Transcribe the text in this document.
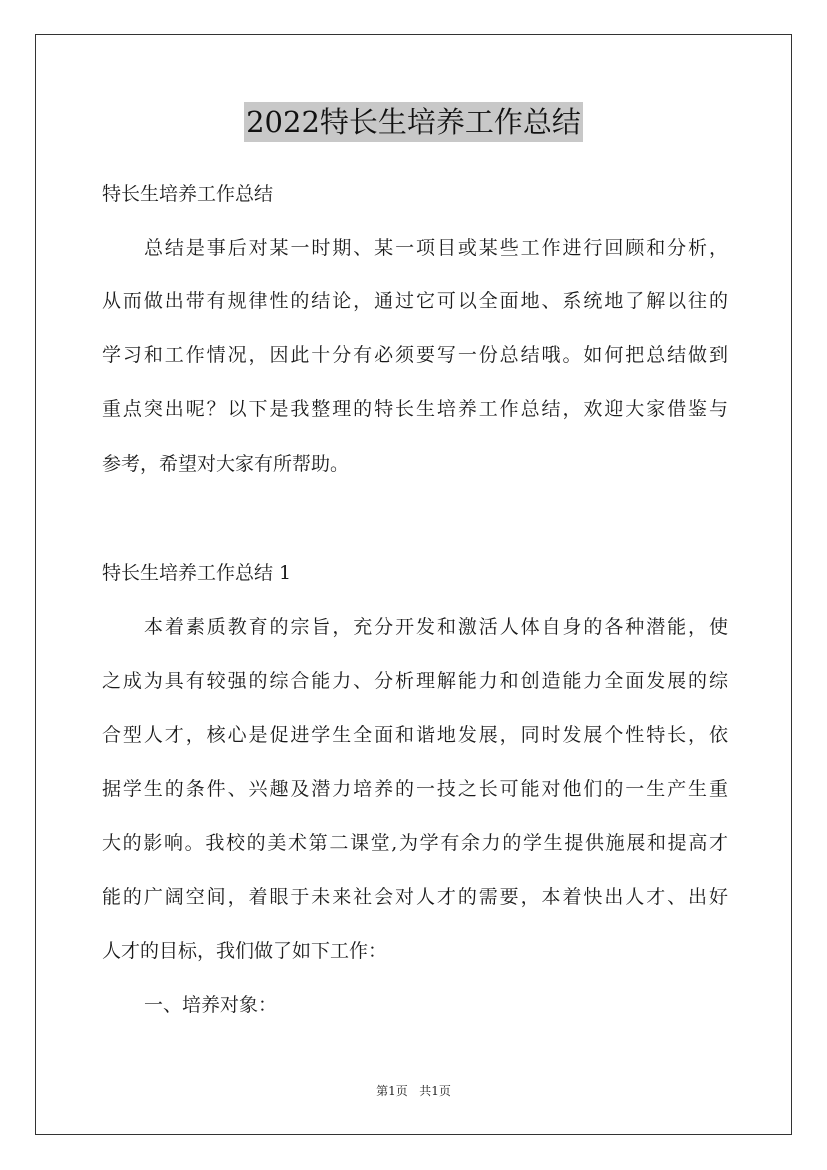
2022特长生培养工作总结
特长生培养工作总结
总结是事后对某一时期、某一项目或某些工作进行回顾和分析，
从而做出带有规律性的结论，通过它可以全面地、系统地了解以往的
学习和工作情况，因此十分有必须要写一份总结哦。如何把总结做到
重点突出呢？以下是我整理的特长生培养工作总结，欢迎大家借鉴与
参考，希望对大家有所帮助。
特长生培养工作总结 1
本着素质教育的宗旨，充分开发和激活人体自身的各种潜能，使
之成为具有较强的综合能力、分析理解能力和创造能力全面发展的综
合型人才，核心是促进学生全面和谐地发展，同时发展个性特长，依
据学生的条件、兴趣及潜力培养的一技之长可能对他们的一生产生重
大的影响。我校的美术第二课堂,为学有余力的学生提供施展和提高才
能的广阔空间，着眼于未来社会对人才的需要，本着快出人才、出好
人才的目标，我们做了如下工作：
一、培养对象：
第1页 共1页
